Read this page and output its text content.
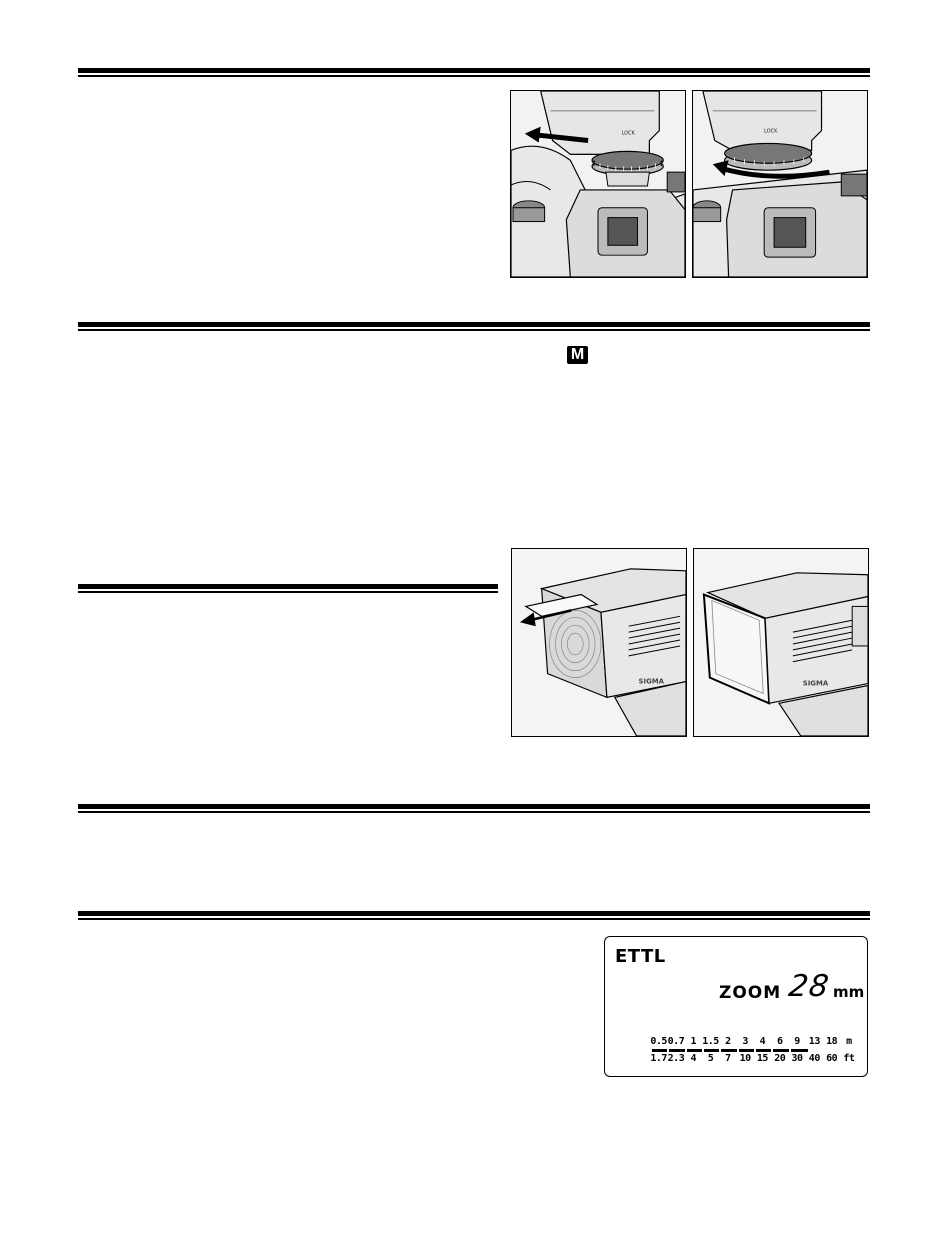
M
LOCK	LOCK
SIGMA	SIGMA
ETTL
ZOOM 28 mm
0.5 0.7 1 1.5 2	3	4	6	9 13 18 m
1.7 2.3 4	5	7 10 15 20 30 40 60 ft
